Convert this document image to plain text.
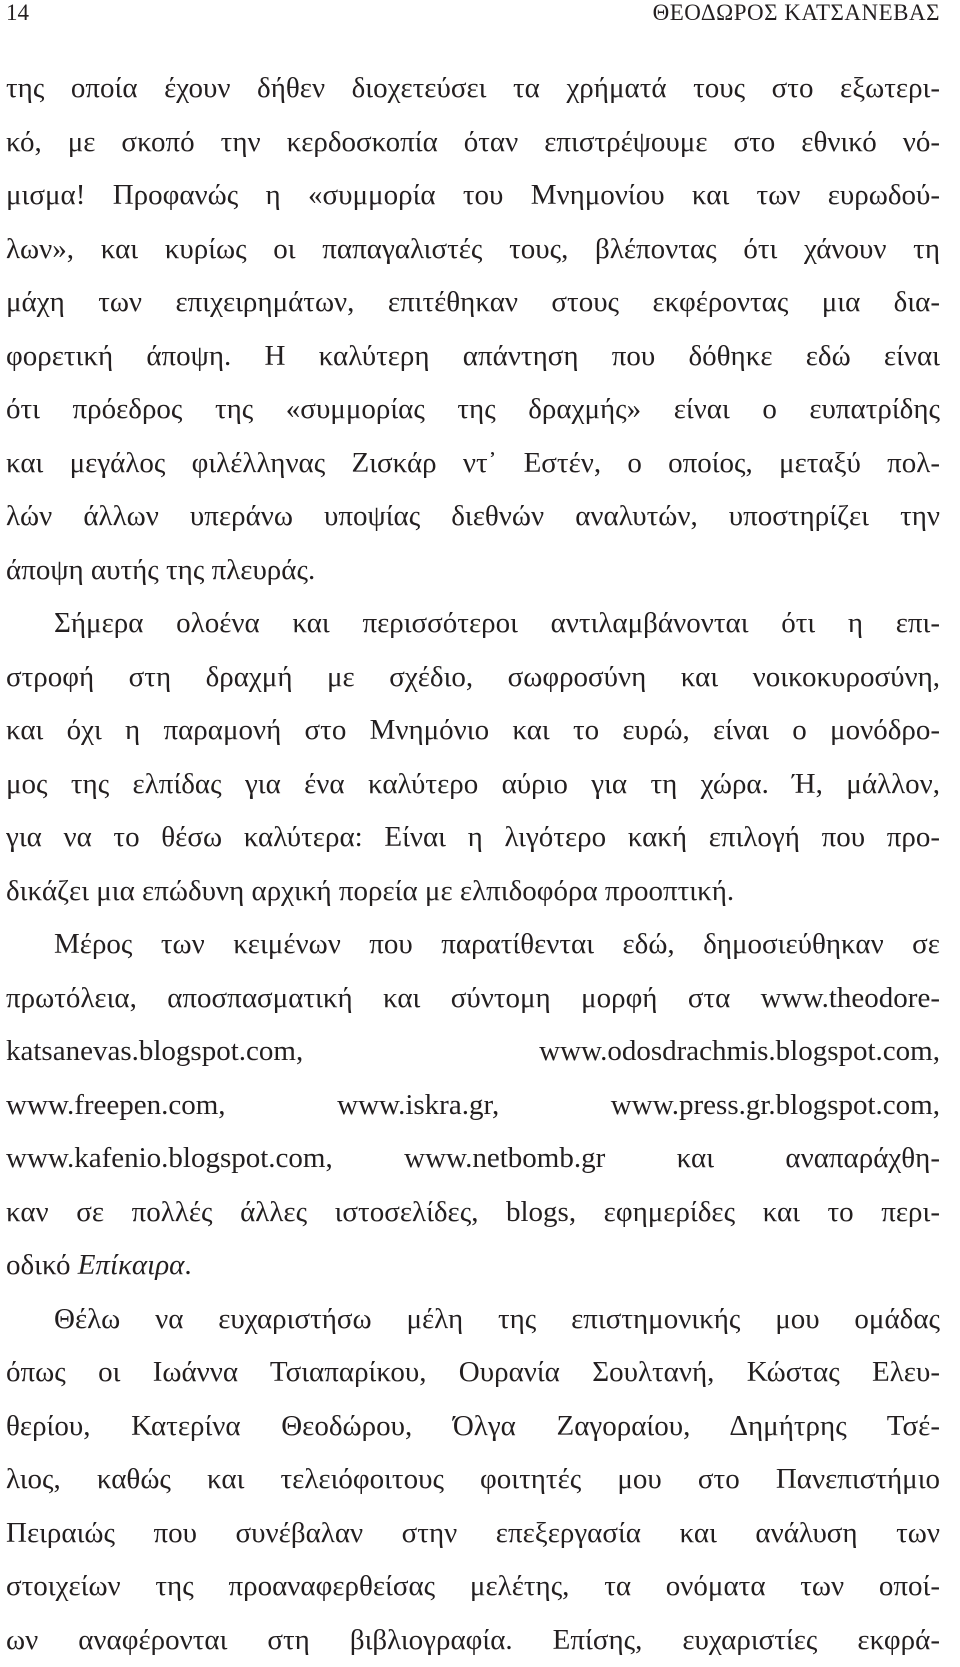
14	ΘΕΟΔΩΡΟΣ ΚΑΤΣΑΝΕΒΑΣ
της οποία έχουν δήθεν διοχετεύσει τα χρήματά τους στο εξωτερι-
κό, με σκοπό την κερδοσκοπία όταν επιστρέψουμε στο εθνικό νό-
μισμα! Προφανώς η «συμμορία του Μνημονίου και των ευρωδού-
λων», και κυρίως οι παπαγαλιστές τους, βλέποντας ότι χάνουν τη
μάχη των επιχειρημάτων, επιτέθηκαν στους εκφέροντας μια δια-
φορετική άποψη. Η καλύτερη απάντηση που δόθηκε εδώ είναι
ότι πρόεδρος της «συμμορίας της δραχμής» είναι ο ευπατρίδης
και μεγάλος φιλέλληνας Ζισκάρ ντ᾽ Εστέν, ο οποίος, μεταξύ πολ-
λών άλλων υπεράνω υποψίας διεθνών αναλυτών, υποστηρίζει την
άποψη αυτής της πλευράς.
Σήμερα ολοένα και περισσότεροι αντιλαμβάνονται ότι η επι-
στροφή στη δραχμή με σχέδιο, σωφροσύνη και νοικοκυροσύνη,
και όχι η παραμονή στο Μνημόνιο και το ευρώ, είναι ο μονόδρο-
μος της ελπίδας για ένα καλύτερο αύριο για τη χώρα. Ή, μάλλον,
για να το θέσω καλύτερα: Είναι η λιγότερο κακή επιλογή που προ-
δικάζει μια επώδυνη αρχική πορεία με ελπιδοφόρα προοπτική.
Μέρος των κειμένων που παρατίθενται εδώ, δημοσιεύθηκαν σε
πρωτόλεια, αποσπασματική και σύντομη μορφή στα www.theodore-
katsanevas.blogspot.com, www.odosdrachmis.blogspot.com,
www.freepen.com, www.iskra.gr, www.press.gr.blogspot.com,
www.kafenio.blogspot.com, www.netbomb.gr και αναπαράχθη-
καν σε πολλές άλλες ιστοσελίδες, blogs, εφημερίδες και το περι-
οδικό Επίκαιρα.
Θέλω να ευχαριστήσω μέλη της επιστημονικής μου ομάδας
όπως οι Ιωάννα Τσιαπαρίκου, Ουρανία Σουλτανή, Κώστας Ελευ-
θερίου, Κατερίνα Θεοδώρου, Όλγα Ζαγοραίου, Δημήτρης Τσέ-
λιος, καθώς και τελειόφοιτους φοιτητές μου στο Πανεπιστήμιο
Πειραιώς που συνέβαλαν στην επεξεργασία και ανάλυση των
στοιχείων της προαναφερθείσας μελέτης, τα ονόματα των οποί-
ων αναφέρονται στη βιβλιογραφία. Επίσης, ευχαριστίες εκφρά-
